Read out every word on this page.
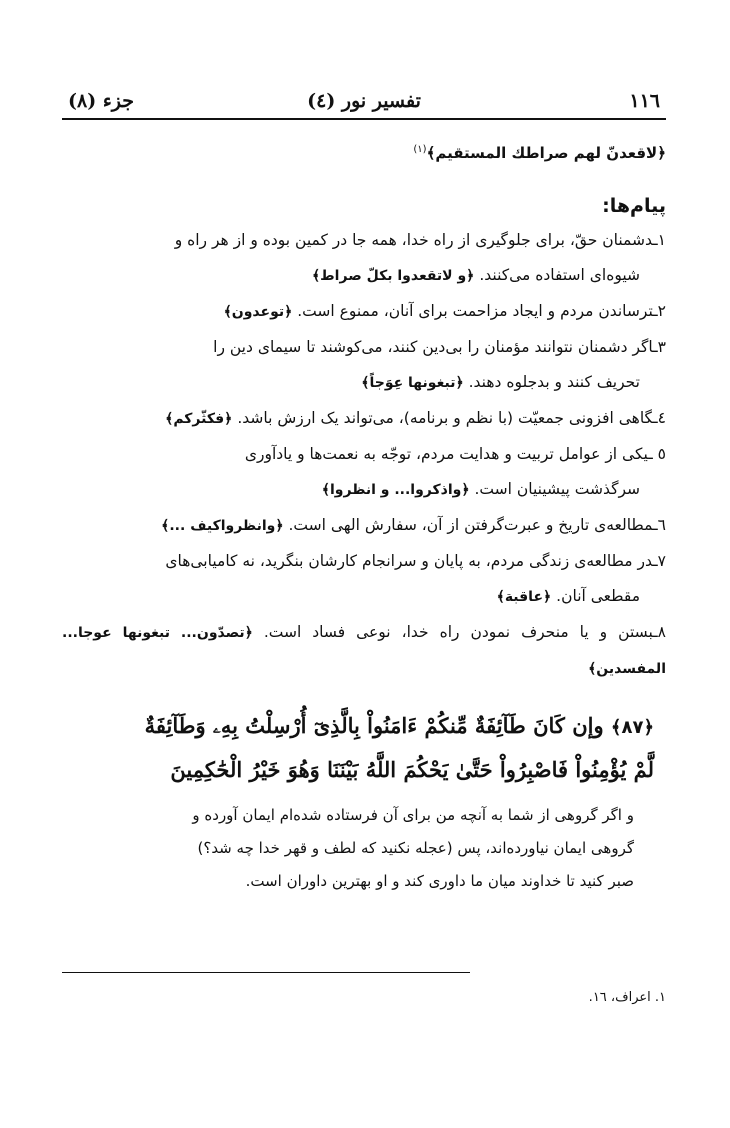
١١٦
تفسیر نور (٤)
جزء (٨)
﴿لاقعدنّ لهم صراطك المستقيم﴾$^{(١)}$
پیام‌ها:
١ـدشمنان حقّ، برای جلوگیری از راه خدا، همه جا در کمین بوده و از هر راه و
شیوه‌ای استفاده می‌کنند. ﴿و لاتقعدوا بكلّ صراط﴾
٢ـترساندن مردم و ایجاد مزاحمت برای آنان، ممنوع است. ﴿توعدون﴾
٣ـاگر دشمنان نتوانند مؤمنان را بی‌دین کنند، می‌کوشند تا سیمای دین را
تحریف کنند و بدجلوه دهند. ﴿تبغونها عِوَجاً﴾
٤ـگاهی افزونی جمعیّت (با نظم و برنامه)، می‌تواند یک ارزش باشد. ﴿فكثّركم﴾
٥ ـیکی از عوامل تربیت و هدایت مردم، توجّه به نعمت‌ها و یادآوری
سرگذشت پیشینیان است. ﴿واذكروا... و انظروا﴾
٦ـمطالعه‌ی تاریخ و عبرت‌گرفتن از آن، سفارش الهی است. ﴿وانظرواكيف ...﴾
٧ـدر مطالعه‌ی زندگی مردم، به پایان و سرانجام کارشان بنگرید، نه کامیابی‌های
مقطعی آنان. ﴿عاقبة﴾
٨ـبستن و یا منحرف نمودن راه خدا، نوعی فساد است. ﴿تصدّون... تبغونها عوجا... المفسدين﴾
﴿٨٧﴾ وإن كَانَ طَآئِفَةٌ مِّنكُمْ ءَامَنُواْ بِالَّذِىٓ أُرْسِلْتُ بِهِۦ وَطَآئِفَةٌ
لَّمْ يُؤْمِنُواْ فَاصْبِرُواْ حَتَّىٰ يَحْكُمَ اللَّهُ بَيْنَنَا وَهُوَ خَيْرُ الْحَٰكِمِينَ
و اگر گروهی از شما به آنچه من برای آن فرستاده شده‌ام ایمان آورده و
گروهی ایمان نیاورده‌اند، پس (عجله نکنید که لطف و قهر خدا چه شد؟)
صبر کنید تا خداوند میان ما داوری کند و او بهترین داوران است.
١. اعراف، ١٦.
